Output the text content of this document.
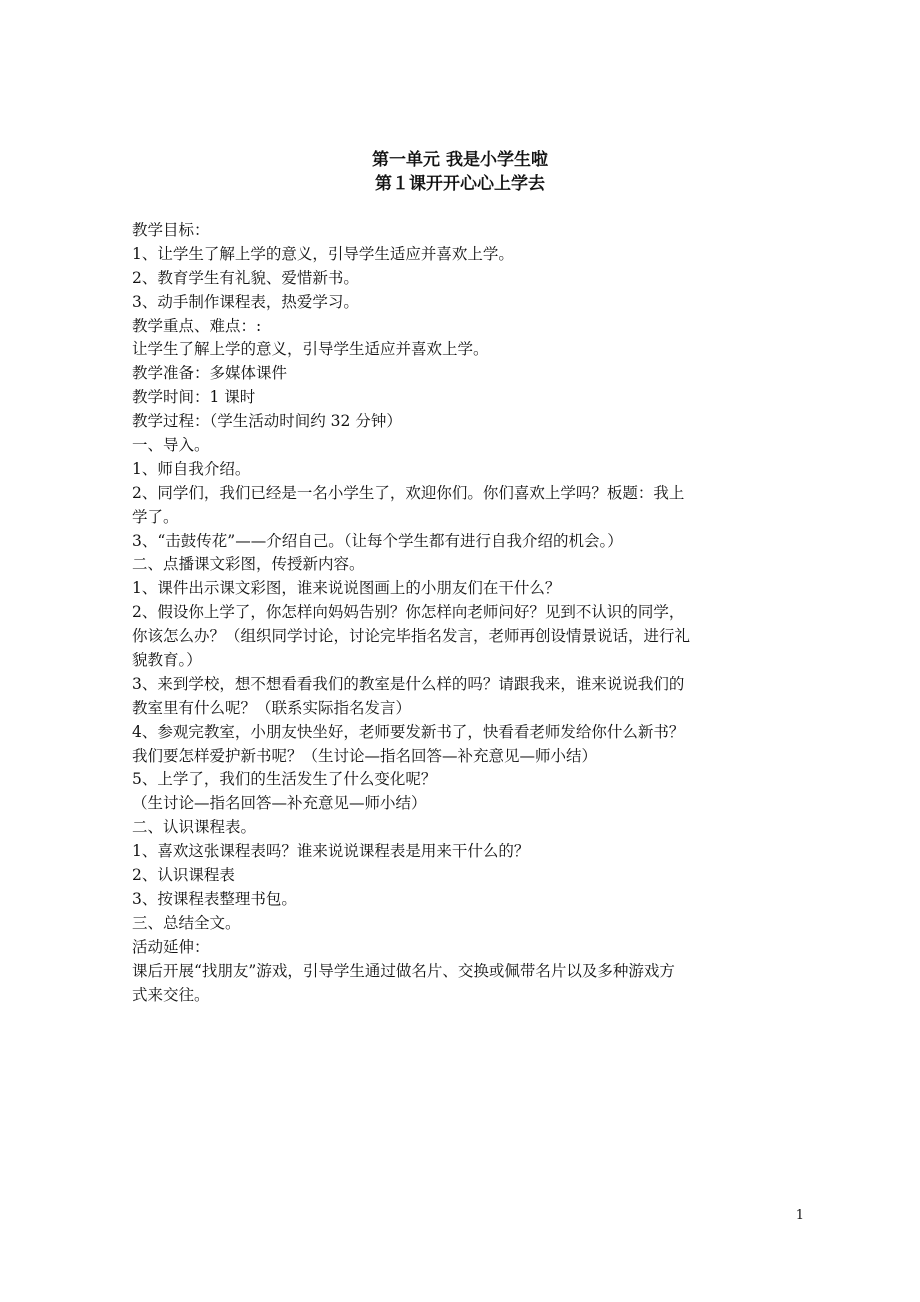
第一单元 我是小学生啦

第１课开开心心上学去

教学目标：

1、让学生了解上学的意义，引导学生适应并喜欢上学。

2、教育学生有礼貌、爱惜新书。

3、动手制作课程表，热爱学习。

教学重点、难点：:

让学生了解上学的意义，引导学生适应并喜欢上学。

教学准备：多媒体课件

教学时间：1 课时

教学过程：（学生活动时间约 32 分钟）

一、导入。

1、师自我介绍。

2、同学们，我们已经是一名小学生了，欢迎你们。你们喜欢上学吗？板题：我上

学了。

3、“击鼓传花”——介绍自己。（让每个学生都有进行自我介绍的机会。）

二、点播课文彩图，传授新内容。

1、课件出示课文彩图，谁来说说图画上的小朋友们在干什么？

2、假设你上学了，你怎样向妈妈告别？你怎样向老师问好？见到不认识的同学，

你该怎么办？（组织同学讨论，讨论完毕指名发言，老师再创设情景说话，进行礼

貌教育。）

3、来到学校，想不想看看我们的教室是什么样的吗？请跟我来，谁来说说我们的

教室里有什么呢？（联系实际指名发言）

4、参观完教室，小朋友快坐好，老师要发新书了，快看看老师发给你什么新书？

我们要怎样爱护新书呢？（生讨论—指名回答—补充意见—师小结）

5、上学了，我们的生活发生了什么变化呢？

（生讨论—指名回答—补充意见—师小结）

二、认识课程表。

1、喜欢这张课程表吗？谁来说说课程表是用来干什么的？

2、认识课程表

3、按课程表整理书包。

三、总结全文。

活动延伸：

课后开展“找朋友”游戏，引导学生通过做名片、交换或佩带名片以及多种游戏方

式来交往。

1
